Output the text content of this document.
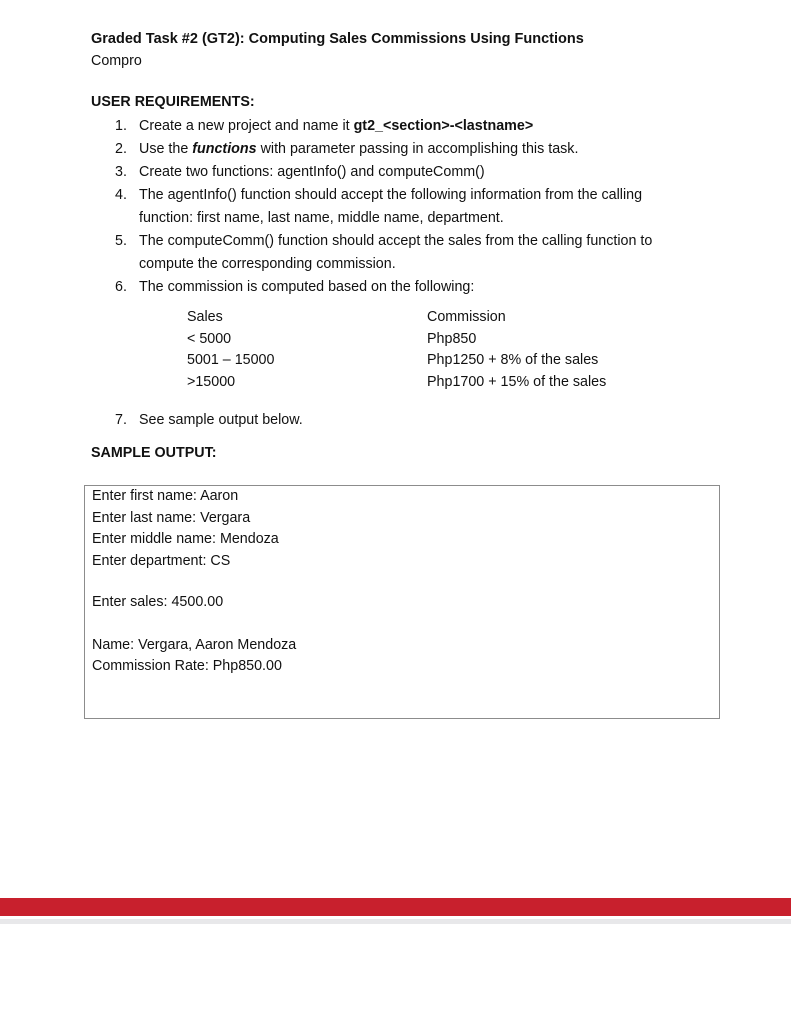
Graded Task #2 (GT2): Computing Sales Commissions Using Functions
Compro
USER REQUIREMENTS:
1. Create a new project and name it gt2_<section>-<lastname>
2. Use the functions with parameter passing in accomplishing this task.
3. Create two functions: agentInfo() and computeComm()
4. The agentInfo() function should accept the following information from the calling
function: first name, last name, middle name, department.
5. The computeComm() function should accept the sales from the calling function to
compute the corresponding commission.
6. The commission is computed based on the following:
Sales	Commission
< 5000	Php850
5001 – 15000	Php1250 + 8% of the sales
>15000	Php1700 + 15% of the sales
7. See sample output below.
SAMPLE OUTPUT:
Enter first name: Aaron
Enter last name: Vergara
Enter middle name: Mendoza
Enter department: CS
Enter sales: 4500.00
Name: Vergara, Aaron Mendoza
Commission Rate: Php850.00
